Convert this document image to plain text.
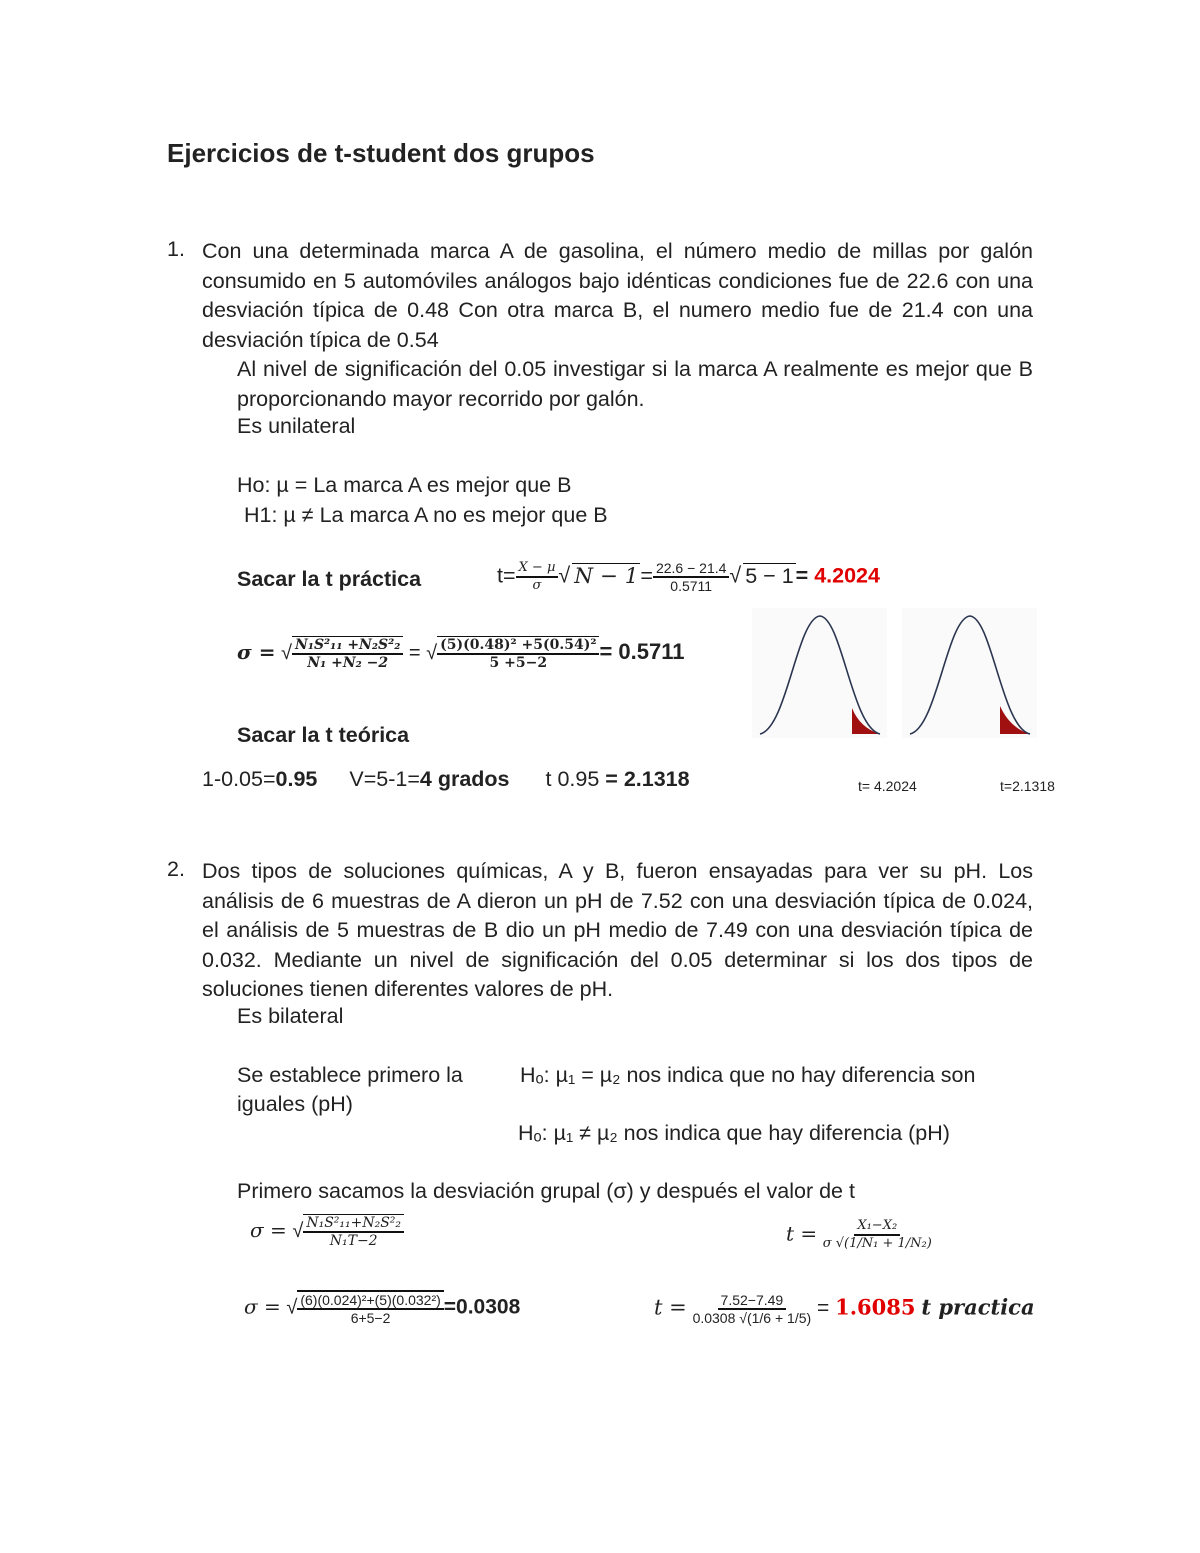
Ejercicios de t-student dos grupos
1. Con una determinada marca A de gasolina, el número medio de millas por galón consumido en 5 automóviles análogos bajo idénticas condiciones fue de 22.6 con una desviación típica de 0.48 Con otra marca B, el numero medio fue de 21.4 con una desviación típica de 0.54
Al nivel de significación del 0.05 investigar si la marca A realmente es mejor que B proporcionando mayor recorrido por galón.
Es unilateral
Ho: µ = La marca A es mejor que B
H1: µ ≠ La marca A no es mejor que B
Sacar la t práctica	$t= \frac{\text{X − µ}}{\sigma}$ √ $N - 1= \frac{22.6 - 21.4}{0.5711}$ √ 5 − 1= 4.2024
σ = √ $\frac{\text{N₁S²₁₁ +N₂S²₂}}{\text{N₁ +N₂ −2}}$ = √ $\frac{\text{(5)(0.48)² +5(0.54)²}}{5 +5-2} = 0.5711$
Sacar la t teórica
1-0.05=0.95 V=5-1=4 grados t 0.95 = 2.1318	t= 4.2024	t=2.1318
2. Dos tipos de soluciones químicas, A y B, fueron ensayadas para ver su pH. Los análisis de 6 muestras de A dieron un pH de 7.52 con una desviación típica de 0.024, el análisis de 5 muestras de B dio un pH medio de 7.49 con una desviación típica de 0.032. Mediante un nivel de significación del 0.05 determinar si los dos tipos de soluciones tienen diferentes valores de pH.
Es bilateral
Se establece primero la
iguales (pH)
Hₒ: µ₁ = µ₂ nos indica que no hay diferencia son
Hₒ: µ₁ ≠ µ₂ nos indica que hay diferencia (pH)
Primero sacamos la desviación grupal (σ) y después el valor de t
σ = √ $\frac{\text{N₁S²₁₁+N₂S²₂}}{\text{N₁T−2}}$	$t = \frac{\text{X₁−X₂}}{\text{σ √(1/N₁ + 1/N₂)}}$
σ = √ $\frac{\text{(6)(0.024)²+(5)(0.032²)}}{6+5-2} =0.0308$	$t = \frac{7.52-7.49}{0.0308 √(1/6 + 1/5)} = 1.6085$ t practica
